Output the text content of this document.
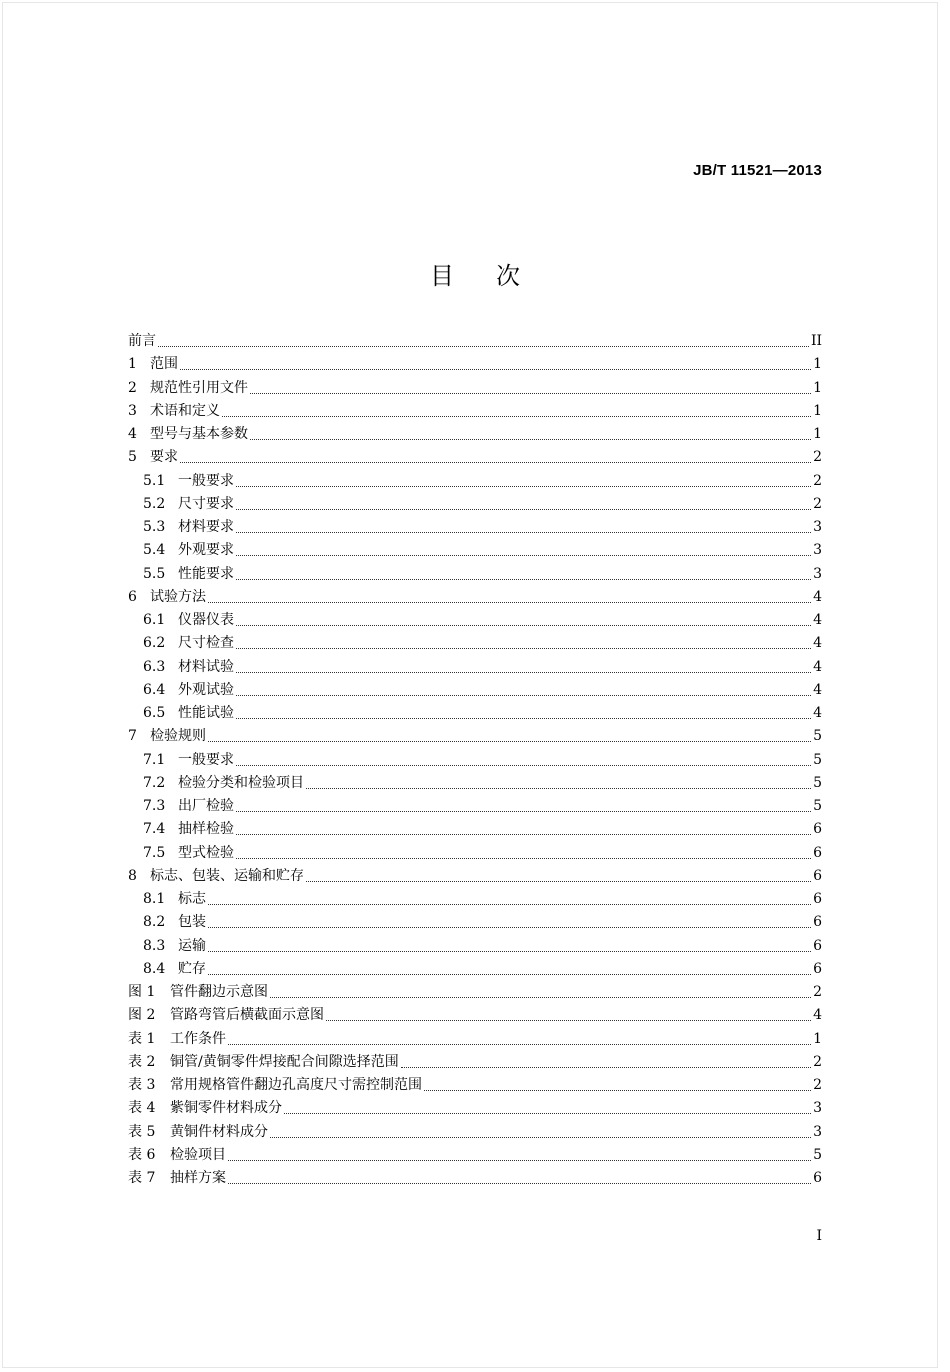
JB/T 11521—2013
目次
前言	II
1 范围	1
2 规范性引用文件	1
3 术语和定义	1
4 型号与基本参数	1
5 要求	2
5.1 一般要求	2
5.2 尺寸要求	2
5.3 材料要求	3
5.4 外观要求	3
5.5 性能要求	3
6 试验方法	4
6.1 仪器仪表	4
6.2 尺寸检查	4
6.3 材料试验	4
6.4 外观试验	4
6.5 性能试验	4
7 检验规则	5
7.1 一般要求	5
7.2 检验分类和检验项目	5
7.3 出厂检验	5
7.4 抽样检验	6
7.5 型式检验	6
8 标志、包装、运输和贮存	6
8.1 标志	6
8.2 包装	6
8.3 运输	6
8.4 贮存	6
图 1	管件翻边示意图	2
图 2	管路弯管后横截面示意图	4
表 1	工作条件	1
表 2	铜管/黄铜零件焊接配合间隙选择范围	2
表 3	常用规格管件翻边孔高度尺寸需控制范围	2
表 4	紫铜零件材料成分	3
表 5	黄铜件材料成分	3
表 6	检验项目	5
表 7	抽样方案	6
I
